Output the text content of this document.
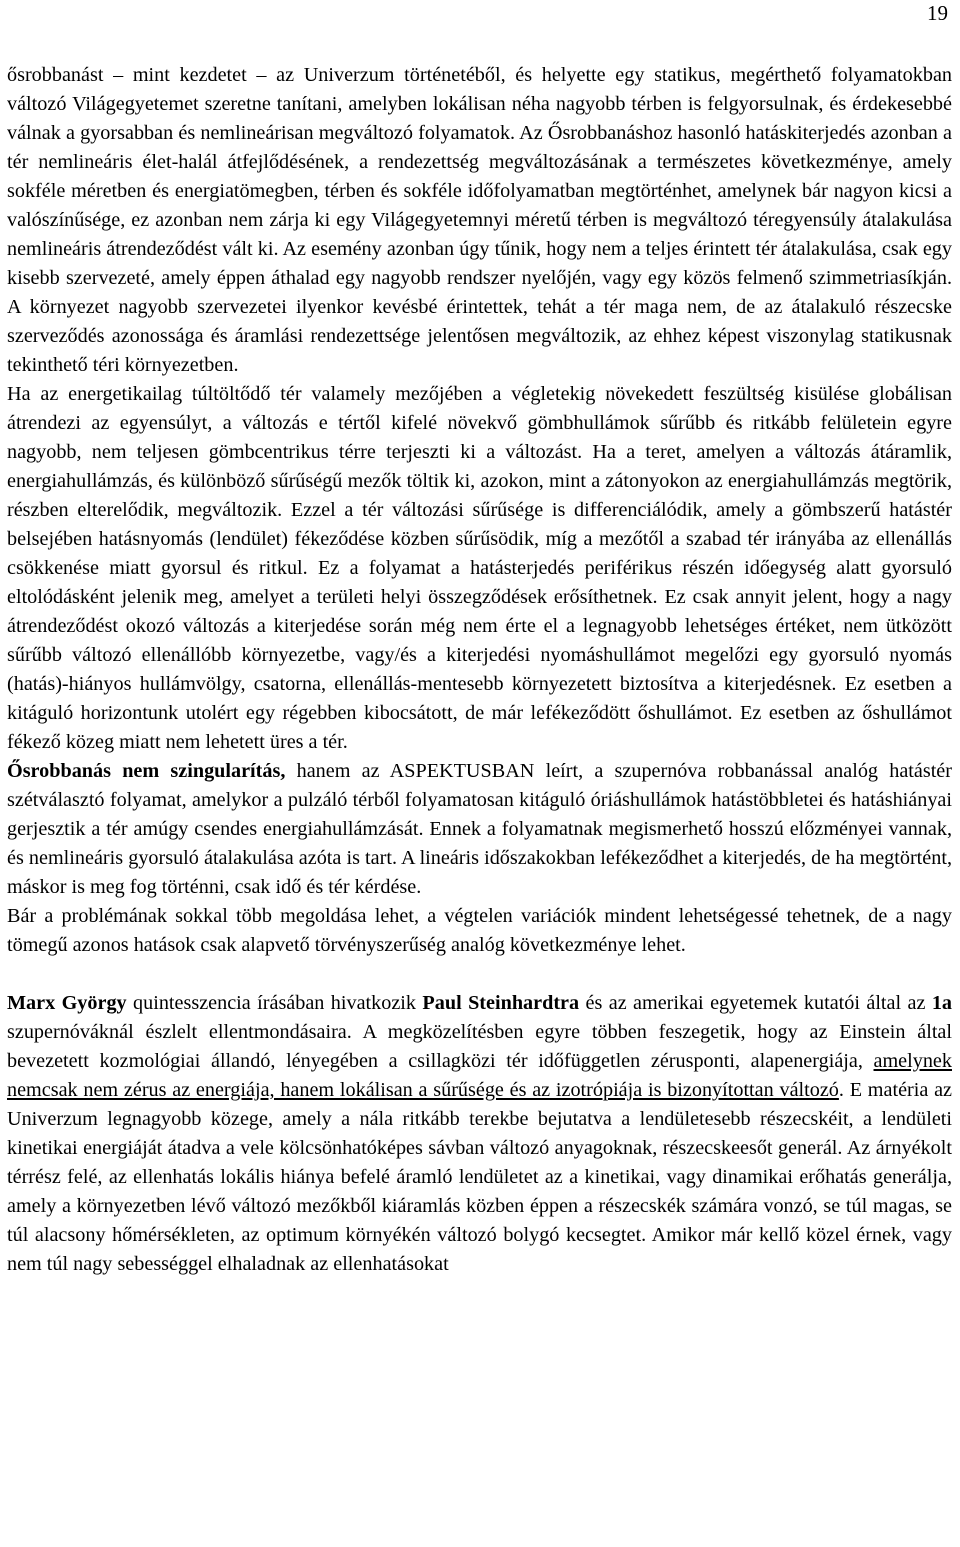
19

ősrobbanást – mint kezdetet – az Univerzum történetéből, és helyette egy statikus, megérthető folyamatokban változó Világegyetemet szeretne tanítani, amelyben lokálisan néha nagyobb térben is felgyorsulnak, és érdekesebbé válnak a gyorsabban és nemlineárisan megváltozó folyamatok. Az Ősrobbanáshoz hasonló hatáskiterjedés azonban a tér nemlineáris élet-halál átfejlődésének, a rendezettség megváltozásának a természetes következménye, amely sokféle méretben és energiatömegben, térben és sokféle időfolyamatban megtörténhet, amelynek bár nagyon kicsi a valószínűsége, ez azonban nem zárja ki egy Világegyetemnyi méretű térben is megváltozó téregyensúly átalakulása nemlineáris átrendeződést vált ki. Az esemény azonban úgy tűnik, hogy nem a teljes érintett tér átalakulása, csak egy kisebb szervezeté, amely éppen áthalad egy nagyobb rendszer nyelőjén, vagy egy közös felmenő szimmetriasíkján. A környezet nagyobb szervezetei ilyenkor kevésbé érintettek, tehát a tér maga nem, de az átalakuló részecske szerveződés azonossága és áramlási rendezettsége jelentősen megváltozik, az ehhez képest viszonylag statikusnak tekinthető téri környezetben.

Ha az energetikailag túltöltődő tér valamely mezőjében a végletekig növekedett feszültség kisülése globálisan átrendezi az egyensúlyt, a változás e tértől kifelé növekvő gömbhullámok sűrűbb és ritkább felületein egyre nagyobb, nem teljesen gömbcentrikus térre terjeszti ki a változást. Ha a teret, amelyen a változás átáramlik, energiahullámzás, és különböző sűrűségű mezők töltik ki, azokon, mint a zátonyokon az energiahullámzás megtörik, részben elterelődik, megváltozik. Ezzel a tér változási sűrűsége is differenciálódik, amely a gömbszerű hatástér belsejében hatásnyomás (lendület) fékeződése közben sűrűsödik, míg a mezőtől a szabad tér irányába az ellenállás csökkenése miatt gyorsul és ritkul. Ez a folyamat a hatásterjedés periférikus részén időegység alatt gyorsuló eltolódásként jelenik meg, amelyet a területi helyi összegződések erősíthetnek. Ez csak annyit jelent, hogy a nagy átrendeződést okozó változás a kiterjedése során még nem érte el a legnagyobb lehetséges értéket, nem ütközött sűrűbb változó ellenállóbb környezetbe, vagy/és a kiterjedési nyomáshullámot megelőzi egy gyorsuló nyomás (hatás)-hiányos hullámvölgy, csatorna, ellenállás-mentesebb környezetett biztosítva a kiterjedésnek. Ez esetben a kitáguló horizontunk utolért egy régebben kibocsátott, de már lefékeződött őshullámot. Ez esetben az őshullámot fékező közeg miatt nem lehetett üres a tér.

Ősrobbanás nem szingularítás, hanem az ASPEKTUSBAN leírt, a szupernóva robbanással analóg hatástér szétválasztó folyamat, amelykor a pulzáló térből folyamatosan kitáguló óriáshullámok hatástöbbletei és hatáshiányai gerjesztik a tér amúgy csendes energiahullámzását. Ennek a folyamatnak megismerhető hosszú előzményei vannak, és nemlineáris gyorsuló átalakulása azóta is tart. A lineáris időszakokban lefékeződhet a kiterjedés, de ha megtörtént, máskor is meg fog történni, csak idő és tér kérdése.

Bár a problémának sokkal több megoldása lehet, a végtelen variációk mindent lehetségessé tehetnek, de a nagy tömegű azonos hatások csak alapvető törvényszerűség analóg következménye lehet.

Marx György quintesszencia írásában hivatkozik Paul Steinhardtra és az amerikai egyetemek kutatói által az 1a szupernóváknál észlelt ellentmondásaira. A megközelítésben egyre többen feszegetik, hogy az Einstein által bevezetett kozmológiai állandó, lényegében a csillagközi tér időfüggetlen zérusponti, alapenergiája, amelynek nemcsak nem zérus az energiája, hanem lokálisan a sűrűsége és az izotrópiája is bizonyítottan változó. E matéria az Univerzum legnagyobb közege, amely a nála ritkább terekbe bejutatva a lendületesebb részecskéit, a lendületi kinetikai energiáját átadva a vele kölcsönhatóképes sávban változó anyagoknak, részecskeesőt generál. Az árnyékolt térrész felé, az ellenhatás lokális hiánya befelé áramló lendületet az a kinetikai, vagy dinamikai erőhatás generálja, amely a környezetben lévő változó mezőkből kiáramlás közben éppen a részecskék számára vonzó, se túl magas, se túl alacsony hőmérsékleten, az optimum környékén változó bolygó kecsegtet. Amikor már kellő közel érnek, vagy nem túl nagy sebességgel elhaladnak az ellenhatásokat
